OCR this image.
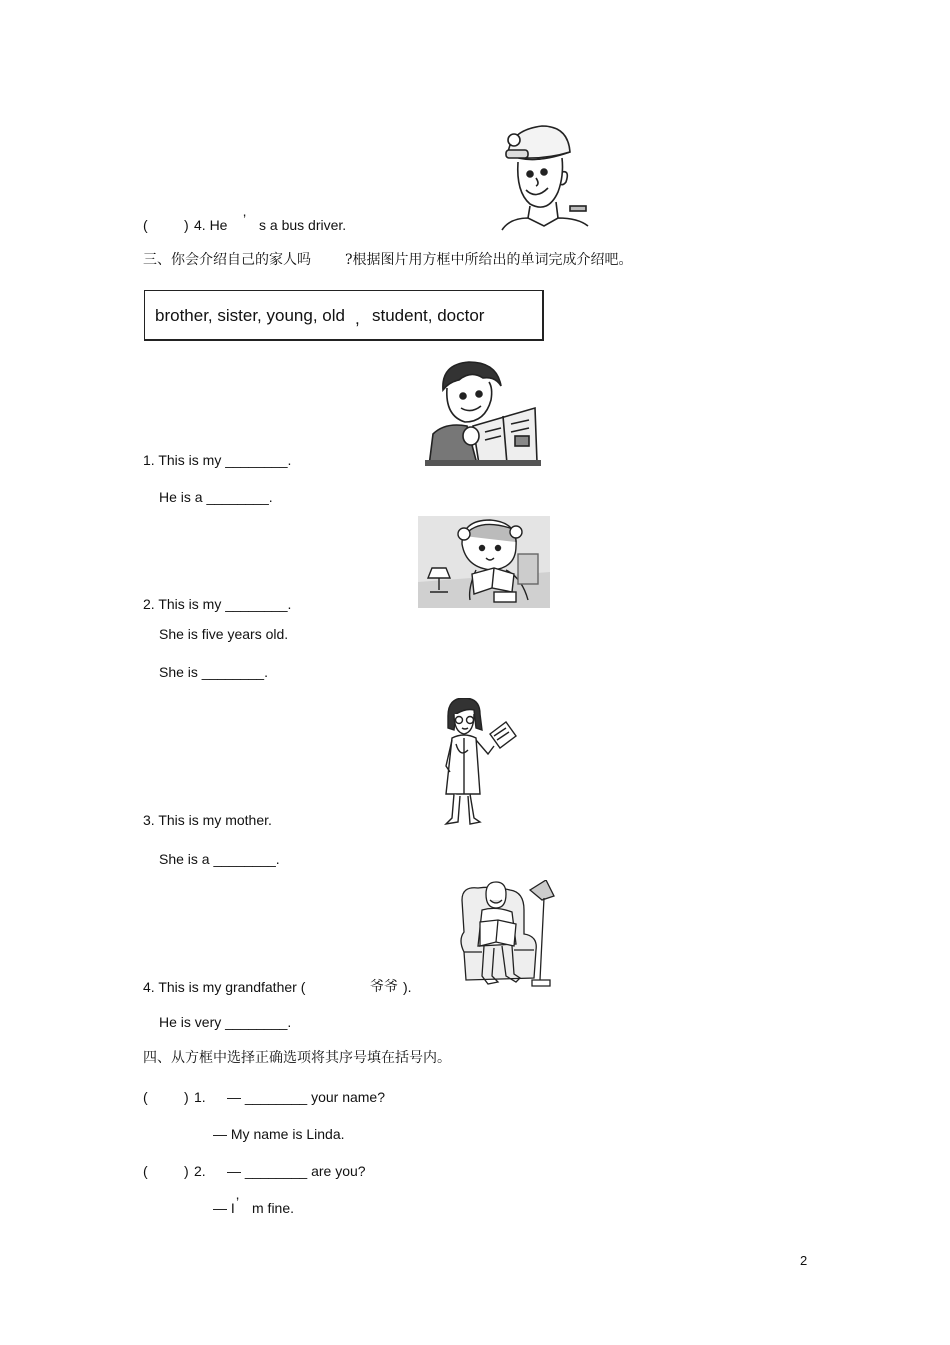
(	) 4. He ’ s a bus driver.
三、你会介绍自己的家人吗 ?根据图片用方框中所给出的单词完成介绍吧。
brother, sister, young, old , student, doctor
1. This is my ________.
He is a ________.
2. This is my ________.
She is five years old.
She is ________.
3. This is my mother.
She is a ________.
4. This is my grandfather (	爷爷 ).
He is very ________.
四、从方框中选择正确选项将其序号填在括号内。
(	) 1. — ________ your name?
— My name is Linda.
(	) 2. — ________ are you?
— I ’ m fine.
2
